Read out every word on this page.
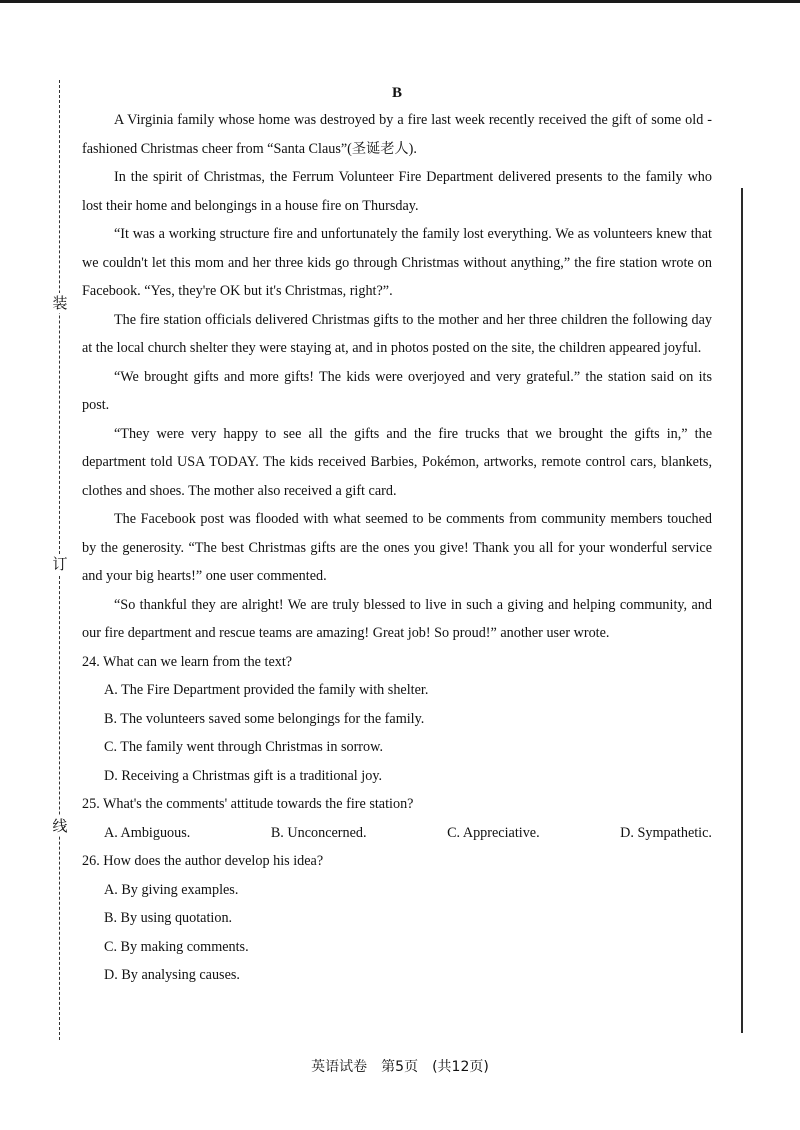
装
订
线
B

A Virginia family whose home was destroyed by a fire last week recently received the gift of some old - fashioned Christmas cheer from “Santa Claus”(圣诞老人).

In the spirit of Christmas, the Ferrum Volunteer Fire Department delivered presents to the family who lost their home and belongings in a house fire on Thursday.

“It was a working structure fire and unfortunately the family lost everything. We as volunteers knew that we couldn't let this mom and her three kids go through Christmas without anything,” the fire station wrote on Facebook. “Yes, they're OK but it's Christmas, right?”.

The fire station officials delivered Christmas gifts to the mother and her three children the following day at the local church shelter they were staying at, and in photos posted on the site, the children appeared joyful.

“We brought gifts and more gifts! The kids were overjoyed and very grateful.” the station said on its post.

“They were very happy to see all the gifts and the fire trucks that we brought the gifts in,” the department told USA TODAY. The kids received Barbies, Pokémon, artworks, remote control cars, blankets, clothes and shoes. The mother also received a gift card.

The Facebook post was flooded with what seemed to be comments from community members touched by the generosity. “The best Christmas gifts are the ones you give! Thank you all for your wonderful service and your big hearts!” one user commented.

“So thankful they are alright! We are truly blessed to live in such a giving and helping community, and our fire department and rescue teams are amazing! Great job! So proud!” another user wrote.

24. What can we learn from the text?

A. The Fire Department provided the family with shelter.

B. The volunteers saved some belongings for the family.

C. The family went through Christmas in sorrow.

D. Receiving a Christmas gift is a traditional joy.

25. What's the comments' attitude towards the fire station?

A. Ambiguous.	B. Unconcerned.	C. Appreciative.	D. Sympathetic.

26. How does the author develop his idea?

A. By giving examples.

B. By using quotation.

C. By making comments.

D. By analysing causes.

英语试卷　第5页　(共12页)
